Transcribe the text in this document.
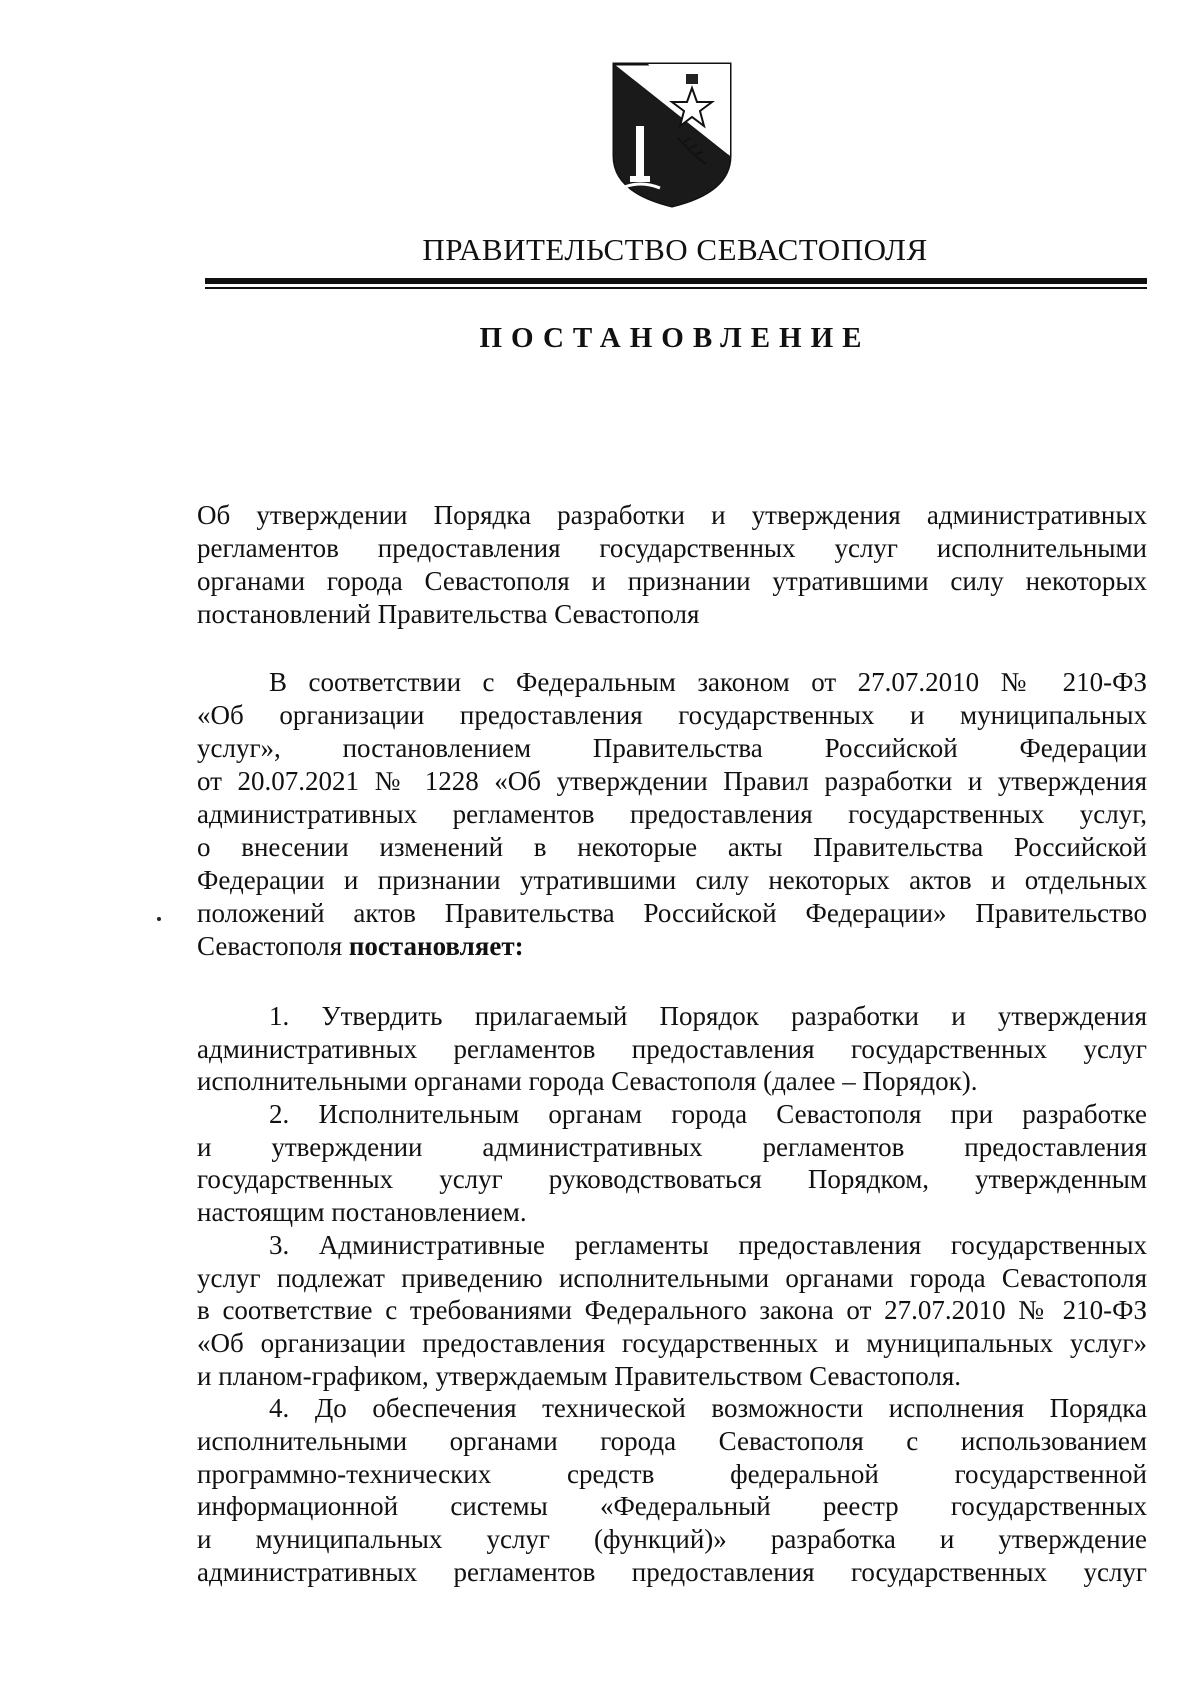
ПРАВИТЕЛЬСТВО СЕВАСТОПОЛЯ
ПОСТАНОВЛЕНИЕ
Об утверждении Порядка разработки и утверждения административных
регламентов предоставления государственных услуг исполнительными
органами города Севастополя и признании утратившими силу некоторых
постановлений Правительства Севастополя
В соответствии с Федеральным законом от 27.07.2010 № 210-ФЗ
«Об организации предоставления государственных и муниципальных
услуг», постановлением Правительства Российской Федерации
от 20.07.2021 № 1228 «Об утверждении Правил разработки и утверждения
административных регламентов предоставления государственных услуг,
о внесении изменений в некоторые акты Правительства Российской
Федерации и признании утратившими силу некоторых актов и отдельных
положений актов Правительства Российской Федерации» Правительство
Севастополя постановляет:
1. Утвердить прилагаемый Порядок разработки и утверждения
административных регламентов предоставления государственных услуг
исполнительными органами города Севастополя (далее – Порядок).
2. Исполнительным органам города Севастополя при разработке
и утверждении административных регламентов предоставления
государственных услуг руководствоваться Порядком, утвержденным
настоящим постановлением.
3. Административные регламенты предоставления государственных
услуг подлежат приведению исполнительными органами города Севастополя
в соответствие с требованиями Федерального закона от 27.07.2010 № 210-ФЗ
«Об организации предоставления государственных и муниципальных услуг»
и планом-графиком, утверждаемым Правительством Севастополя.
4. До обеспечения технической возможности исполнения Порядка
исполнительными органами города Севастополя с использованием
программно-технических средств федеральной государственной
информационной системы «Федеральный реестр государственных
и муниципальных услуг (функций)» разработка и утверждение
административных регламентов предоставления государственных услуг
